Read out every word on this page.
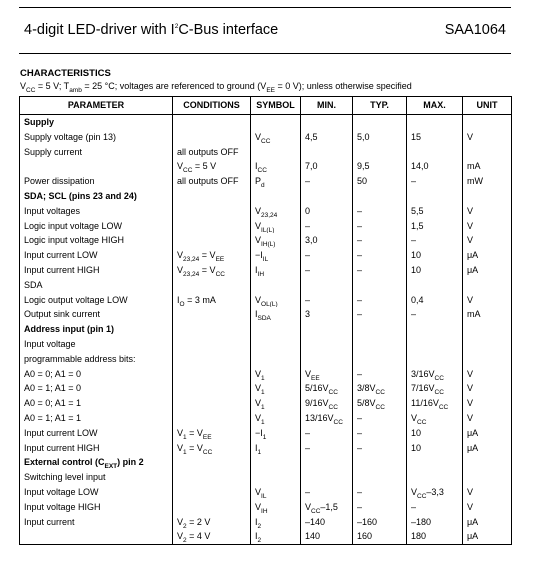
4-digit LED-driver with $I^2C$-Bus interface	SAA1064
CHARACTERISTICS
$V_{CC} = 5$ V; $T_{amb} = 25$ °C; voltages are referenced to ground ($V_{EE} = 0$ V); unless otherwise specified
PARAMETER	CONDITIONS	SYMBOL	MIN.	TYP.	MAX.	UNIT
Supply						
Supply voltage (pin 13)		$V_{CC}$	4,5	5,0	15	V
Supply current	all outputs OFF					
	$V_{CC} = 5$ V	$I_{CC}$	7,0	9,5	14,0	mA
Power dissipation	all outputs OFF	$P_d$	–	50	–	mW
SDA; SCL (pins 23 and 24)						
Input voltages		$V_{23,24}$	0	–	5,5	V
Logic input voltage LOW		$V_{IL(L)}$	–	–	1,5	V
Logic input voltage HIGH		$V_{IH(L)}$	3,0	–	–	V
Input current LOW	$V_{23,24} = V_{EE}$	$-I_{IL}$	–	–	10	μA
Input current HIGH	$V_{23,24} = V_{CC}$	$I_{IH}$	–	–	10	μA
SDA						
Logic output voltage LOW	$I_O = 3$ mA	$V_{OL(L)}$	–	–	0,4	V
Output sink current		$I_{SDA}$	3	–	–	mA
Address input (pin 1)						
Input voltage						
programmable address bits:						
A0 = 0; A1 = 0		$V_1$	$V_{EE}$	–	$3/16V_{CC}$	V
A0 = 1; A1 = 0		$V_1$	$5/16V_{CC}$	$3/8V_{CC}$	$7/16V_{CC}$	V
A0 = 0; A1 = 1		$V_1$	$9/16V_{CC}$	$5/8V_{CC}$	$11/16V_{CC}$	V
A0 = 1; A1 = 1		$V_1$	$13/16V_{CC}$	–	$V_{CC}$	V
Input current LOW	$V_1 = V_{EE}$	$-I_1$	–	–	10	μA
Input current HIGH	$V_1 = V_{CC}$	$I_1$	–	–	10	μA
External control $(C_{EXT})$ pin 2						
Switching level input						
Input voltage LOW		$V_{IL}$	–	–	$V_{CC}-3,3$	V
Input voltage HIGH		$V_{IH}$	$V_{CC}-1,5$	–	–	V
Input current	$V_2 = 2$ V	$I_2$	–140	–160	–180	μA
	$V_2 = 4$ V	$I_2$	140	160	180	μA
